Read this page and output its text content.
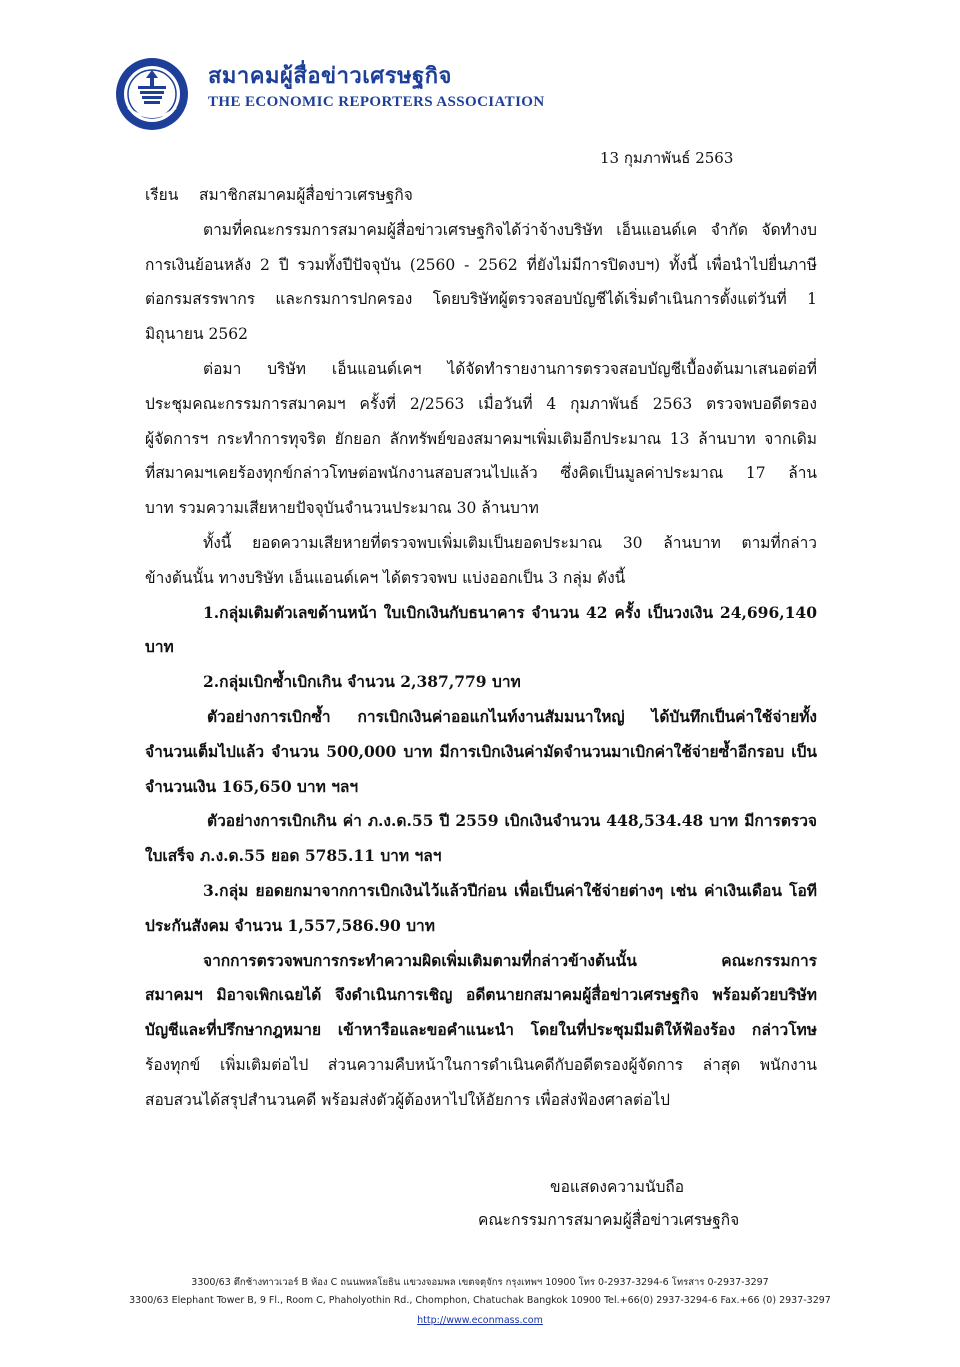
สมาคมผู้สื่อข่าวเศรษฐกิจ
THE ECONOMIC REPORTERS ASSOCIATION
13 กุมภาพันธ์ 2563
เรียน สมาชิกสมาคมผู้สื่อข่าวเศรษฐกิจ
ตามที่คณะกรรมการสมาคมผู้สื่อข่าวเศรษฐกิจได้ว่าจ้างบริษัท เอ็นแอนด์เค จำกัด จัดทำงบ
การเงินย้อนหลัง 2 ปี รวมทั้งปีปัจจุบัน (2560 - 2562 ที่ยังไม่มีการปิดงบฯ) ทั้งนี้ เพื่อนำไปยื่นภาษี
ต่อกรมสรรพากร และกรมการปกครอง โดยบริษัทผู้ตรวจสอบบัญชีได้เริ่มดำเนินการตั้งแต่วันที่ 1
มิถุนายน 2562
ต่อมา บริษัท เอ็นแอนด์เคฯ ได้จัดทำรายงานการตรวจสอบบัญชีเบื้องต้นมาเสนอต่อที่
ประชุมคณะกรรมการสมาคมฯ ครั้งที่ 2/2563 เมื่อวันที่ 4 กุมภาพันธ์ 2563 ตรวจพบอดีตรอง
ผู้จัดการฯ กระทำการทุจริต ยักยอก ลักทรัพย์ของสมาคมฯเพิ่มเติมอีกประมาณ 13 ล้านบาท จากเดิม
ที่สมาคมฯเคยร้องทุกข์กล่าวโทษต่อพนักงานสอบสวนไปแล้ว ซึ่งคิดเป็นมูลค่าประมาณ 17 ล้าน
บาท รวมความเสียหายปัจจุบันจำนวนประมาณ 30 ล้านบาท
ทั้งนี้ ยอดความเสียหายที่ตรวจพบเพิ่มเติมเป็นยอดประมาณ 30 ล้านบาท ตามที่กล่าว
ข้างต้นนั้น ทางบริษัท เอ็นแอนด์เคฯ ได้ตรวจพบ แบ่งออกเป็น 3 กลุ่ม ดังนี้
1.กลุ่มเติมตัวเลขด้านหน้า ใบเบิกเงินกับธนาคาร จำนวน 42 ครั้ง เป็นวงเงิน 24,696,140
บาท
2.กลุ่มเบิกซ้ำเบิกเกิน จำนวน 2,387,779 บาท
ตัวอย่างการเบิกซ้ำ การเบิกเงินค่าออแกไนท์งานสัมมนาใหญ่ ได้บันทึกเป็นค่าใช้จ่ายทั้ง
จำนวนเต็มไปแล้ว จำนวน 500,000 บาท มีการเบิกเงินค่ามัดจำนวนมาเบิกค่าใช้จ่ายซ้ำอีกรอบ เป็น
จำนวนเงิน 165,650 บาท ฯลฯ
ตัวอย่างการเบิกเกิน ค่า ภ.ง.ด.55 ปี 2559 เบิกเงินจำนวน 448,534.48 บาท มีการตรวจ
ใบเสร็จ ภ.ง.ด.55 ยอด 5785.11 บาท ฯลฯ
3.กลุ่ม ยอดยกมาจากการเบิกเงินไว้แล้วปีก่อน เพื่อเป็นค่าใช้จ่ายต่างๆ เช่น ค่าเงินเดือน โอที
ประกันสังคม จำนวน 1,557,586.90 บาท
จากการตรวจพบการกระทำความผิดเพิ่มเติมตามที่กล่าวข้างต้นนั้น คณะกรรมการ
สมาคมฯ มิอาจเพิกเฉยได้ จึงดำเนินการเชิญ อดีตนายกสมาคมผู้สื่อข่าวเศรษฐกิจ พร้อมด้วยบริษัท
บัญชีและที่ปรึกษากฎหมาย เข้าหารือและขอคำแนะนำ โดยในที่ประชุมมีมติให้ฟ้องร้อง กล่าวโทษ
ร้องทุกข์ เพิ่มเติมต่อไป ส่วนความคืบหน้าในการดำเนินคดีกับอดีตรองผู้จัดการ ล่าสุด พนักงาน
สอบสวนได้สรุปสำนวนคดี พร้อมส่งตัวผู้ต้องหาไปให้อัยการ เพื่อส่งฟ้องศาลต่อไป
ขอแสดงความนับถือ
คณะกรรมการสมาคมผู้สื่อข่าวเศรษฐกิจ
3300/63 ตึกช้างทาวเวอร์ B ห้อง C ถนนพหลโยธิน แขวงจอมพล เขตจตุจักร กรุงเทพฯ 10900 โทร 0-2937-3294-6 โทรสาร 0-2937-3297
3300/63 Elephant Tower B, 9 Fl., Room C, Phaholyothin Rd., Chomphon, Chatuchak Bangkok 10900 Tel.+66(0) 2937-3294-6 Fax.+66 (0) 2937-3297
http://www.econmass.com
